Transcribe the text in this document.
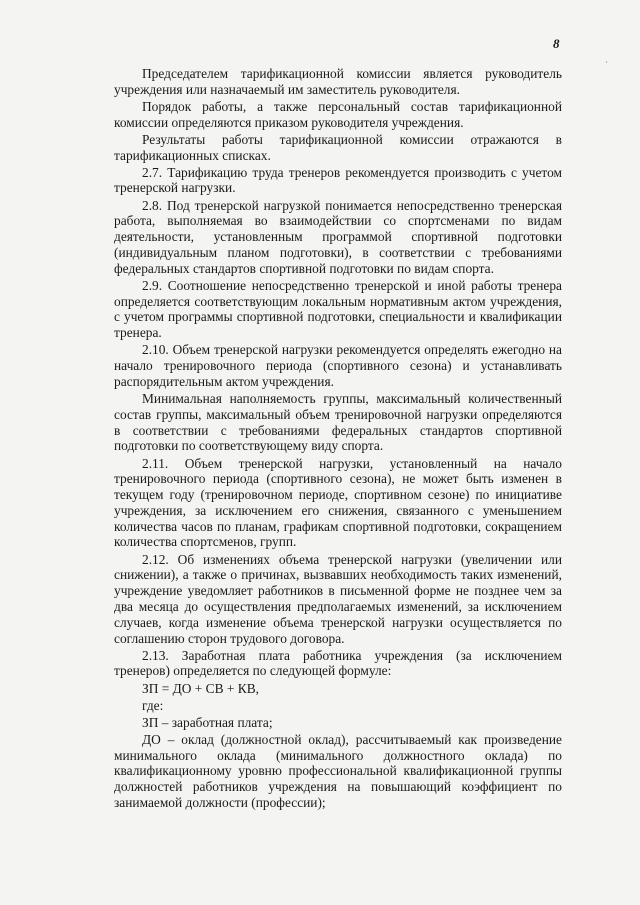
8
˙

Председателем тарификационной комиссии является руководитель учреждения или назначаемый им заместитель руководителя.

Порядок работы, а также персональный состав тарификационной комиссии определяются приказом руководителя учреждения.

Результаты работы тарификационной комиссии отражаются в тарификационных списках.

2.7. Тарификацию труда тренеров рекомендуется производить с учетом тренерской нагрузки.

2.8. Под тренерской нагрузкой понимается непосредственно тренерская работа, выполняемая во взаимодействии со спортсменами по видам деятельности, установленным программой спортивной подготовки (индивидуальным планом подготовки), в соответствии с требованиями федеральных стандартов спортивной подготовки по видам спорта.

2.9. Соотношение непосредственно тренерской и иной работы тренера определяется соответствующим локальным нормативным актом учреждения, с учетом программы спортивной подготовки, специальности и квалификации тренера.

2.10. Объем тренерской нагрузки рекомендуется определять ежегодно на начало тренировочного периода (спортивного сезона) и устанавливать распорядительным актом учреждения.

Минимальная наполняемость группы, максимальный количественный состав группы, максимальный объем тренировочной нагрузки определяются в соответствии с требованиями федеральных стандартов спортивной подготовки по соответствующему виду спорта.

2.11. Объем тренерской нагрузки, установленный на начало тренировочного периода (спортивного сезона), не может быть изменен в текущем году (тренировочном периоде, спортивном сезоне) по инициативе учреждения, за исключением его снижения, связанного с уменьшением количества часов по планам, графикам спортивной подготовки, сокращением количества спортсменов, групп.

2.12. Об изменениях объема тренерской нагрузки (увеличении или снижении), а также о причинах, вызвавших необходимость таких изменений, учреждение уведомляет работников в письменной форме не позднее чем за два месяца до осуществления предполагаемых изменений, за исключением случаев, когда изменение объема тренерской нагрузки осуществляется по соглашению сторон трудового договора.

2.13. Заработная плата работника учреждения (за исключением тренеров) определяется по следующей формуле:

ЗП = ДО + СВ + КВ,

где:

ЗП – заработная плата;

ДО – оклад (должностной оклад), рассчитываемый как произведение минимального оклада (минимального должностного оклада) по квалификационному уровню профессиональной квалификационной группы должностей работников учреждения на повышающий коэффициент по занимаемой должности (профессии);
